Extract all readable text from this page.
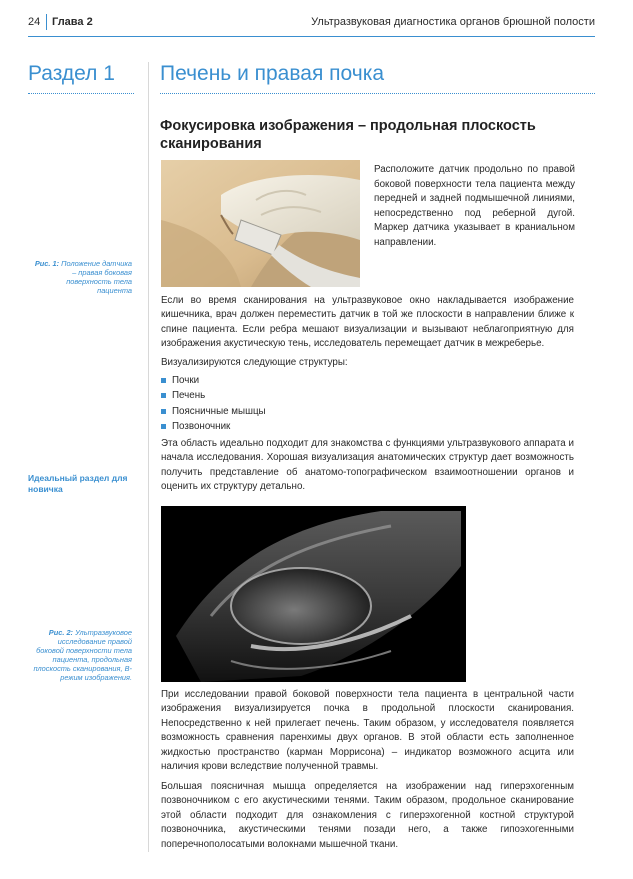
24 Глава 2	Ультразвуковая диагностика органов брюшной полости
Раздел 1 Печень и правая почка
Фокусировка изображения – продольная плоскость сканирования
Расположите датчик продольно по правой боковой поверхности тела пациента между передней и задней подмышечной линиями, непосредственно под реберной дугой. Маркер датчика указывает в краниальном направлении.
Рис. 1: Положение датчика – правая боковая поверхность тела пациента
Если во время сканирования на ультразвуковое окно накладывается изображение кишечника, врач должен переместить датчик в той же плоскости в направлении ближе к спине пациента. Если ребра мешают визуализации и вызывают неблагоприятную для изображения акустическую тень, исследователь перемещает датчик в межреберье.
Визуализируются следующие структуры:
Почки
Печень
Поясничные мышцы
Позвоночник
Идеальный раздел для новичка
Эта область идеально подходит для знакомства с функциями ультразвукового аппарата и начала исследования. Хорошая визуализация анатомических структур дает возможность получить представление об анатомо-топографическом взаимоотношении органов и оценить их структуру детально.
Рис. 2: Ультразвуковое исследование правой боковой поверхности тела пациента, продольная плоскость сканирования, B-режим изображения.
При исследовании правой боковой поверхности тела пациента в центральной части изображения визуализируется почка в продольной плоскости сканирования. Непосредственно к ней прилегает печень. Таким образом, у исследователя появляется возможность сравнения паренхимы двух органов. В этой области есть заполненное жидкостью пространство (карман Моррисона) – индикатор возможного асцита или наличия крови вследствие полученной травмы.
Большая поясничная мышца определяется на изображении над гиперэхогенным позвоночником с его акустическими тенями. Таким образом, продольное сканирование этой области подходит для ознакомления с гиперэхогенной костной структурой позвоночника, акустическими тенями позади него, а также гипоэхогенными поперечнополосатыми волокнами мышечной ткани.
